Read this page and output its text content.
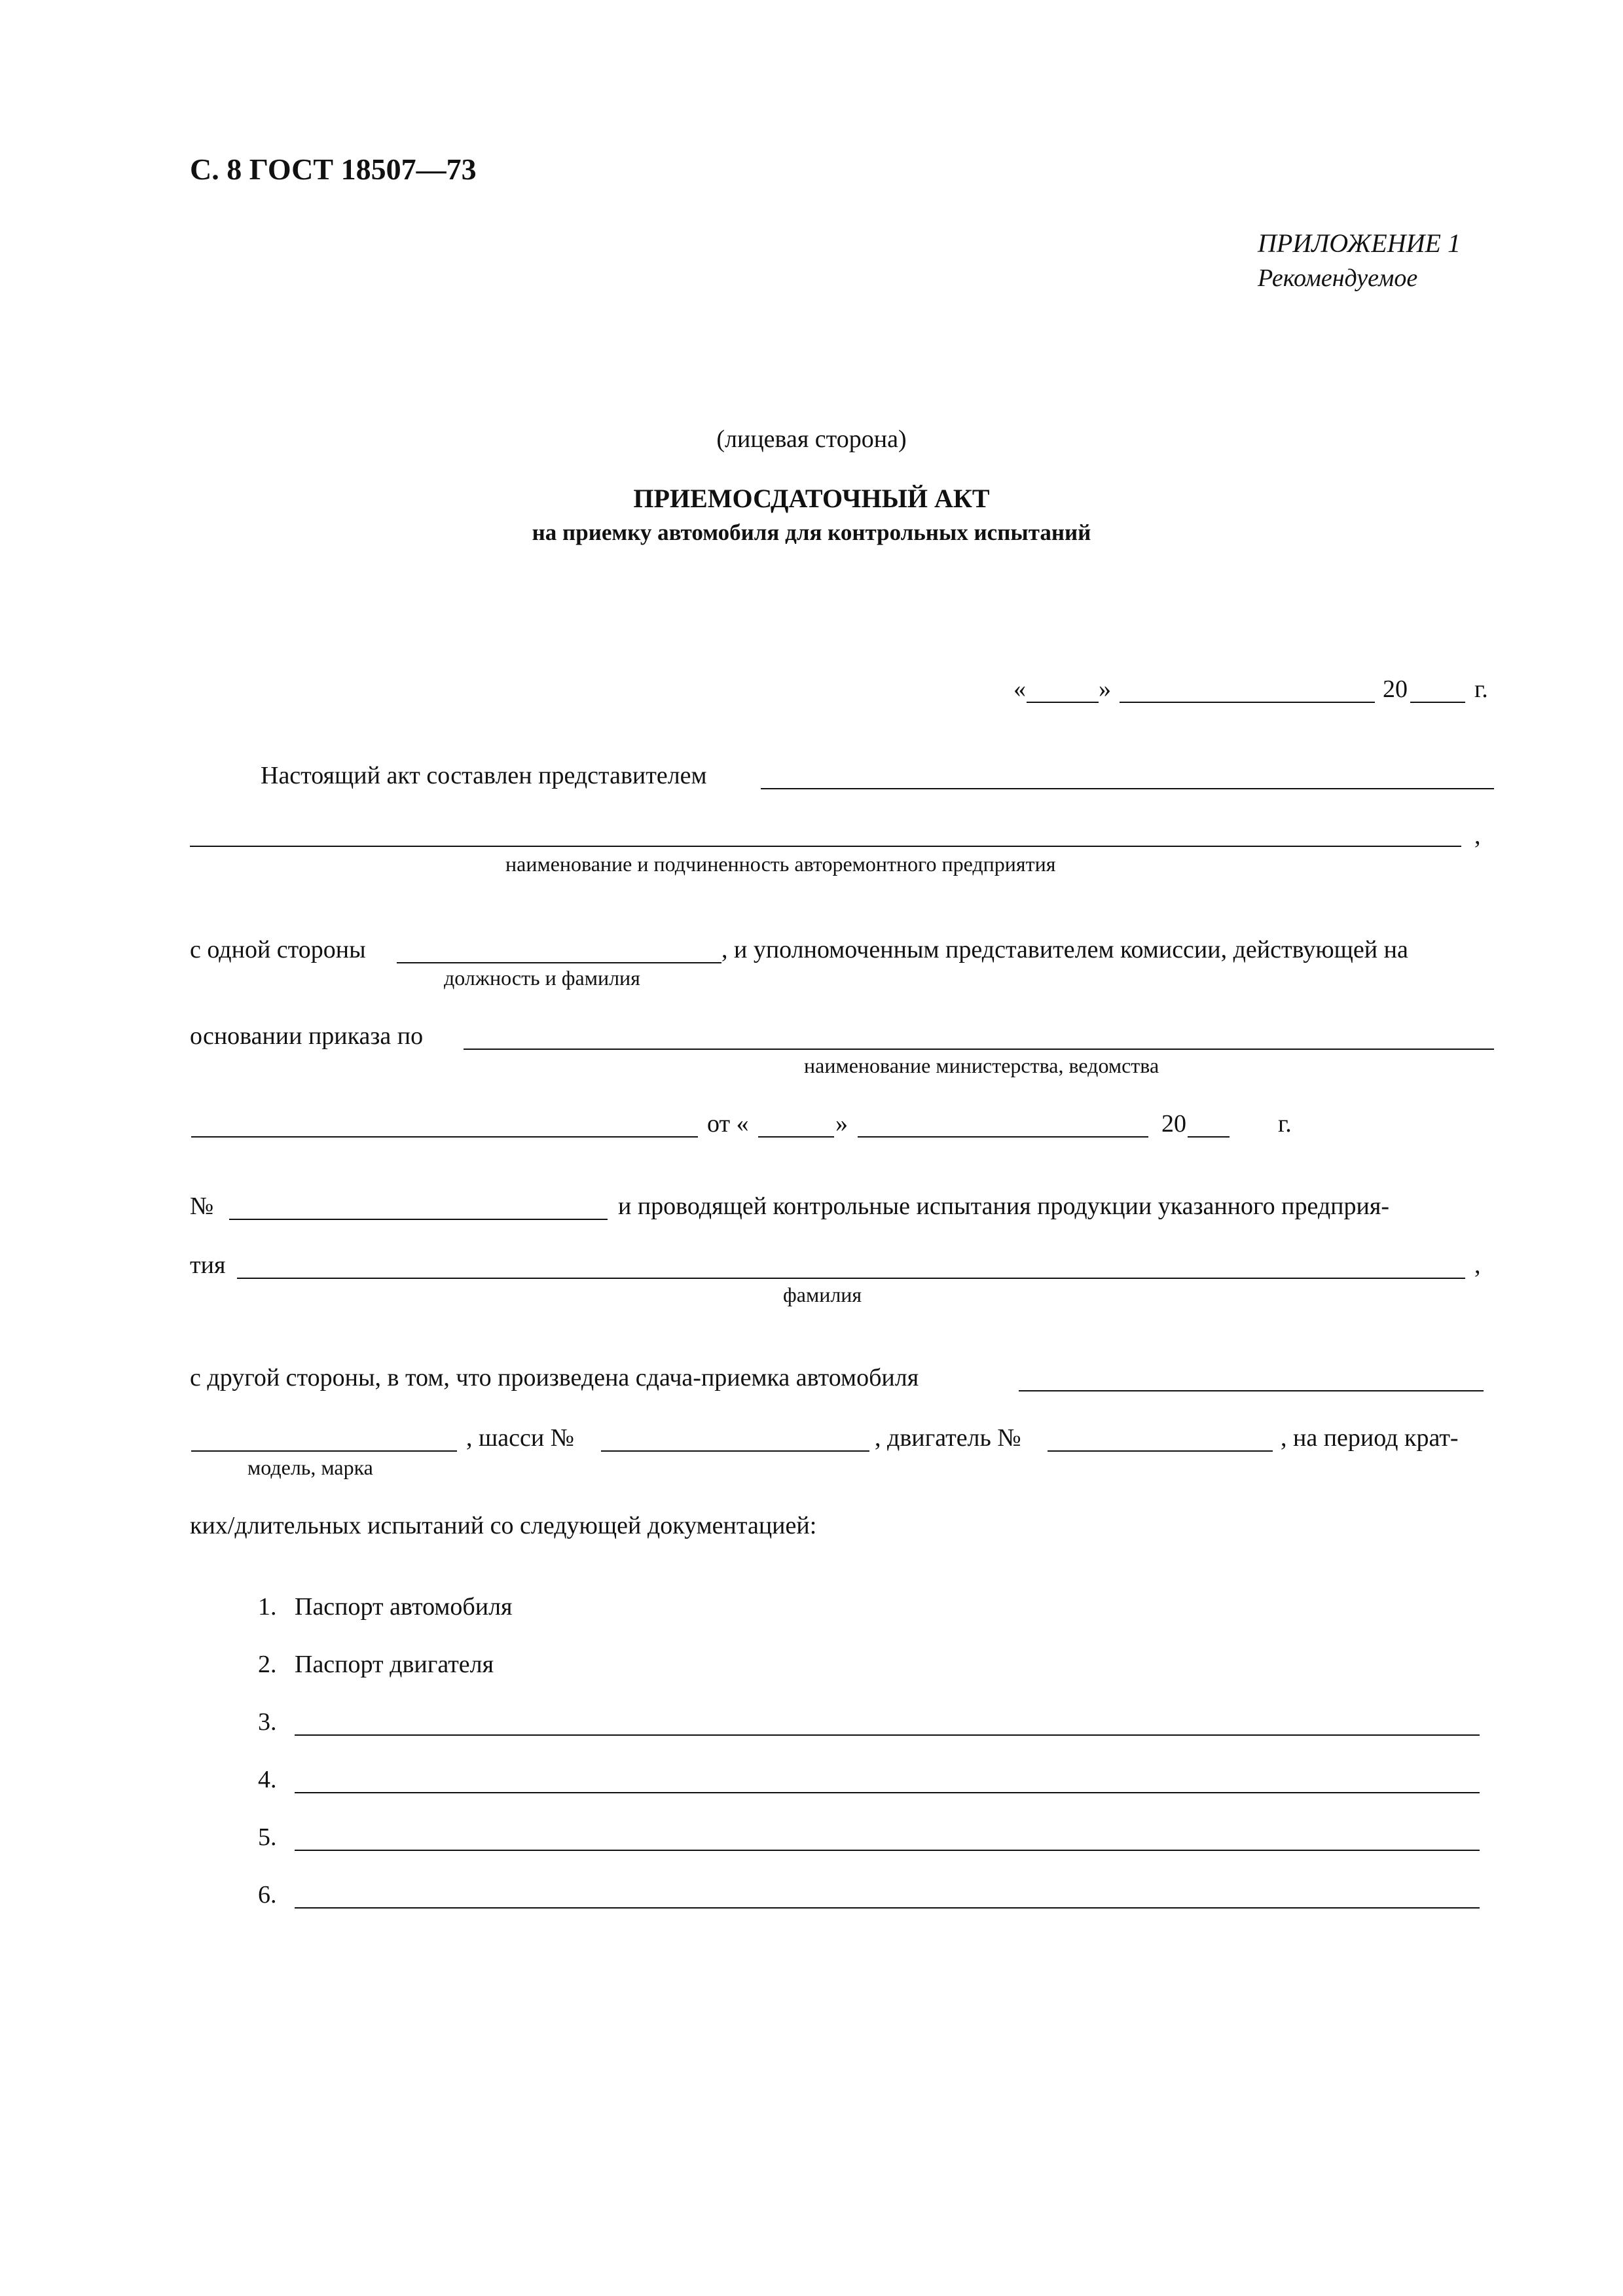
С. 8 ГОСТ 18507—73
ПРИЛОЖЕНИЕ 1
Рекомендуемое
(лицевая сторона)
ПРИЕМОСДАТОЧНЫЙ АКТ
на приемку автомобиля для контрольных испытаний
«	»	20	г.
Настоящий акт составлен представителем
,
наименование и подчиненность авторемонтного предприятия
с одной стороны	, и уполномоченным представителем комиссии, действующей на
должность и фамилия
основании приказа по
наименование министерства, ведомства
от «	»	20	г.
№	и проводящей контрольные испытания продукции указанного предприя-
тия	,
фамилия
с другой стороны, в том, что произведена сдача-приемка автомобиля
, шасси №	, двигатель №	, на период крат-
модель, марка
ких/длительных испытаний со следующей документацией:
1. Паспорт автомобиля
2. Паспорт двигателя
3.
4.
5.
6.
